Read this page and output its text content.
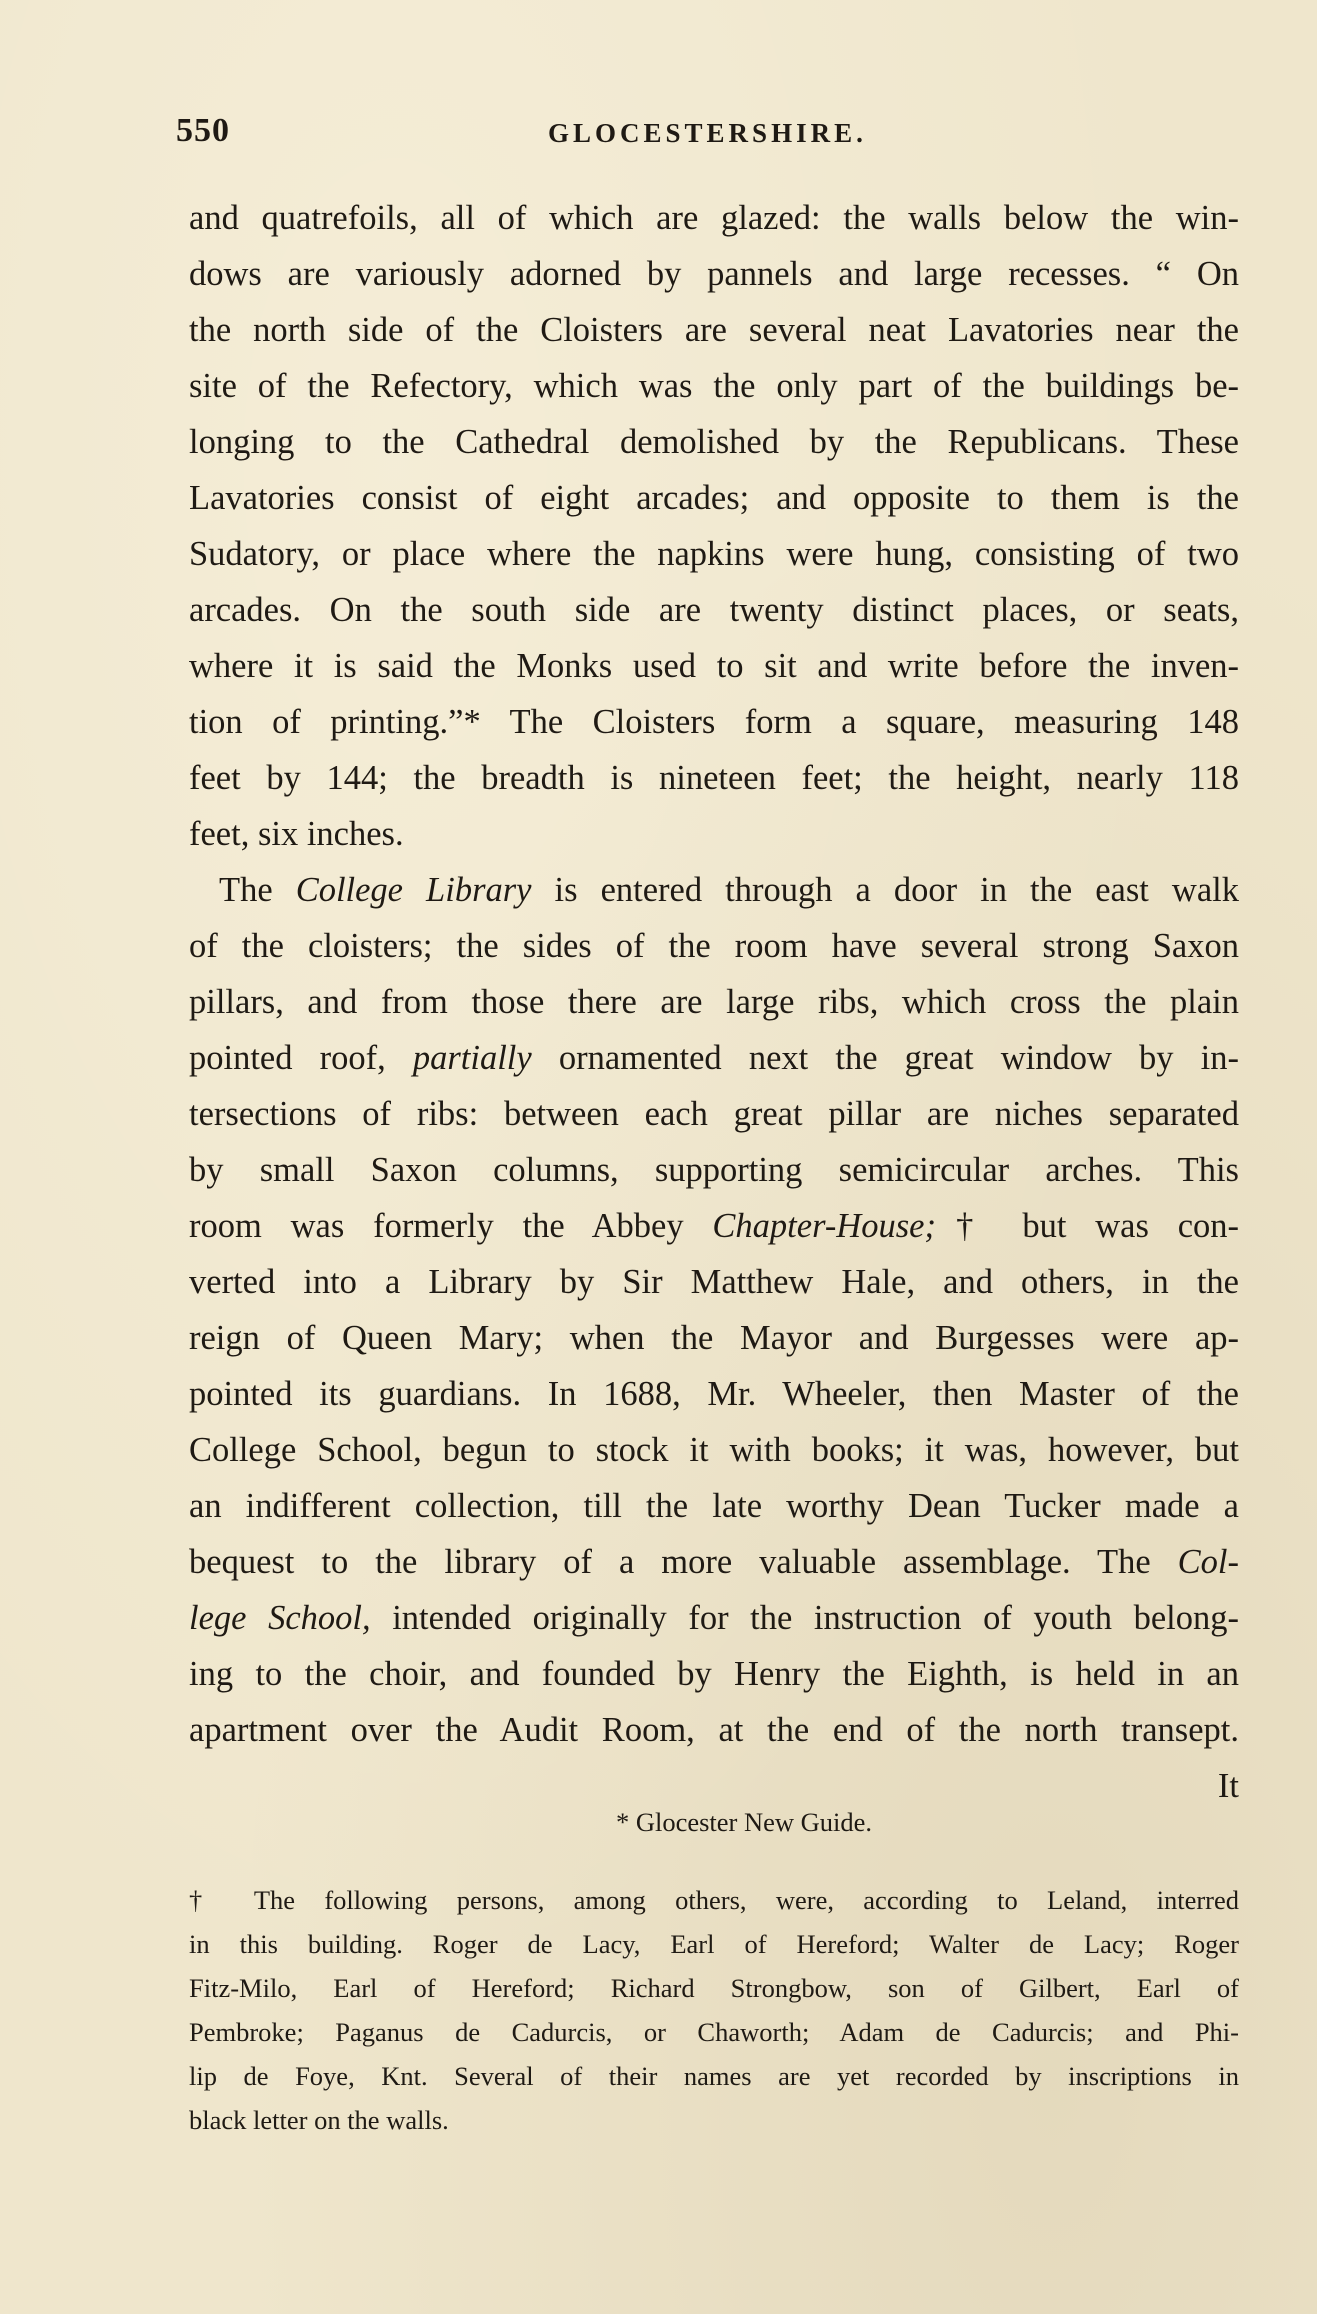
550	GLOCESTERSHIRE.
and quatrefoils, all of which are glazed: the walls below the win-
dows are variously adorned by pannels and large recesses. “ On
the north side of the Cloisters are several neat Lavatories near the
site of the Refectory, which was the only part of the buildings be-
longing to the Cathedral demolished by the Republicans. These
Lavatories consist of eight arcades; and opposite to them is the
Sudatory, or place where the napkins were hung, consisting of two
arcades. On the south side are twenty distinct places, or seats,
where it is said the Monks used to sit and write before the inven-
tion of printing.”* The Cloisters form a square, measuring 148
feet by 144; the breadth is nineteen feet; the height, nearly 118
feet, six inches.
The College Library is entered through a door in the east walk
of the cloisters; the sides of the room have several strong Saxon
pillars, and from those there are large ribs, which cross the plain
pointed roof, partially ornamented next the great window by in-
tersections of ribs: between each great pillar are niches separated
by small Saxon columns, supporting semicircular arches. This
room was formerly the Abbey Chapter-House;† but was con-
verted into a Library by Sir Matthew Hale, and others, in the
reign of Queen Mary; when the Mayor and Burgesses were ap-
pointed its guardians. In 1688, Mr. Wheeler, then Master of the
College School, begun to stock it with books; it was, however, but
an indifferent collection, till the late worthy Dean Tucker made a
bequest to the library of a more valuable assemblage. The Col-
lege School, intended originally for the instruction of youth belong-
ing to the choir, and founded by Henry the Eighth, is held in an
apartment over the Audit Room, at the end of the north transept.
It
* Glocester New Guide.
† The following persons, among others, were, according to Leland, interred
in this building. Roger de Lacy, Earl of Hereford; Walter de Lacy; Roger
Fitz-Milo, Earl of Hereford; Richard Strongbow, son of Gilbert, Earl of
Pembroke; Paganus de Cadurcis, or Chaworth; Adam de Cadurcis; and Phi-
lip de Foye, Knt. Several of their names are yet recorded by inscriptions in
black letter on the walls.
